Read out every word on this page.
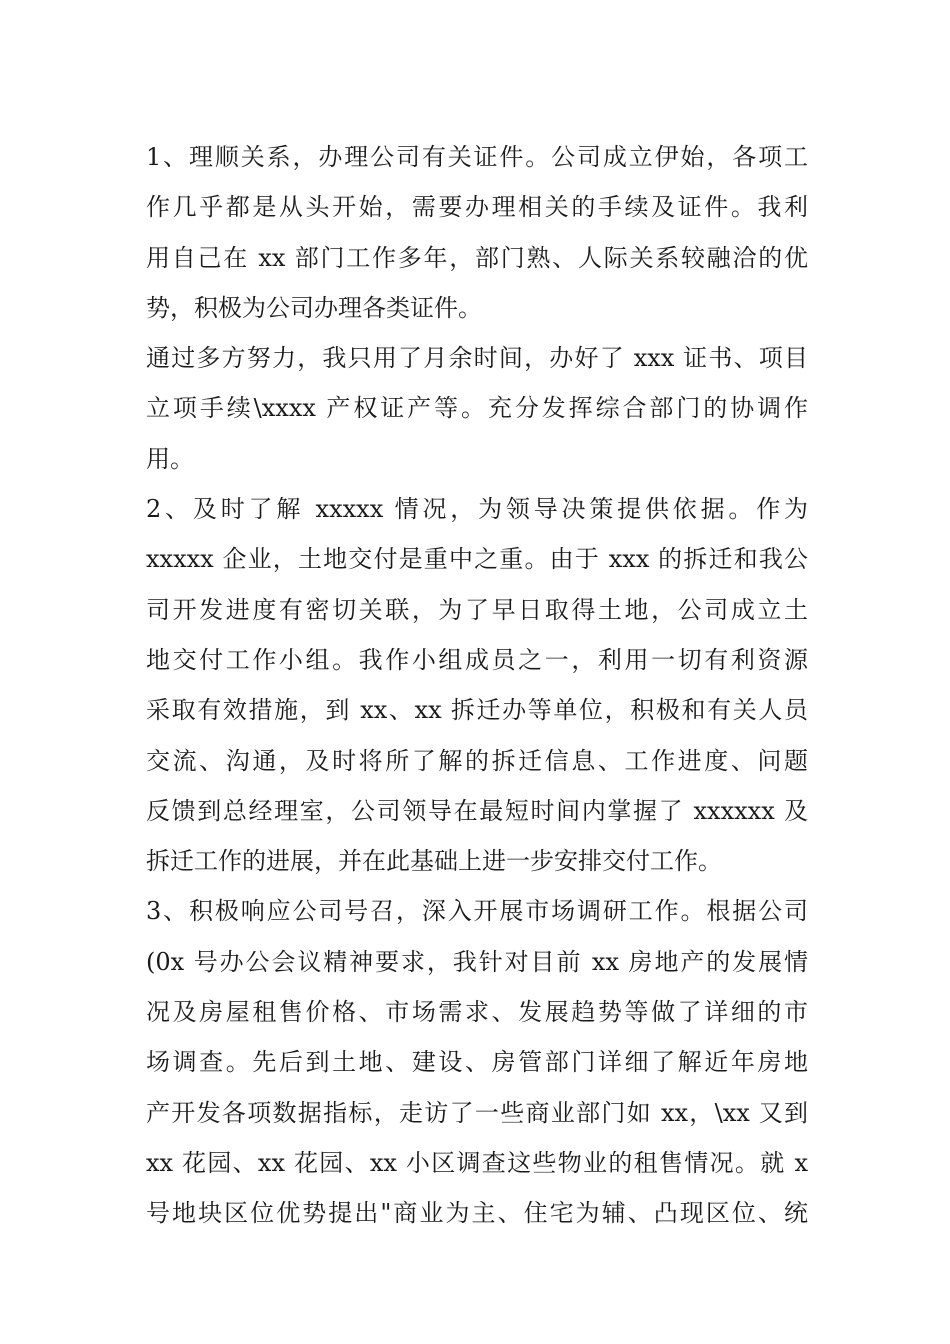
1、理顺关系，办理公司有关证件。公司成立伊始，各项工
作几乎都是从头开始，需要办理相关的手续及证件。我利
用自己在 xx 部门工作多年，部门熟、人际关系较融洽的优
势，积极为公司办理各类证件。
通过多方努力，我只用了月余时间，办好了 xxx 证书、项目
立项手续\xxxx 产权证产等。充分发挥综合部门的协调作
用。
2、及时了解 xxxxx 情况，为领导决策提供依据。作为
xxxxx 企业，土地交付是重中之重。由于 xxx 的拆迁和我公
司开发进度有密切关联，为了早日取得土地，公司成立土
地交付工作小组。我作小组成员之一，利用一切有利资源
采取有效措施，到 xx、xx 拆迁办等单位，积极和有关人员
交流、沟通，及时将所了解的拆迁信息、工作进度、问题
反馈到总经理室，公司领导在最短时间内掌握了 xxxxxx 及
拆迁工作的进展，并在此基础上进一步安排交付工作。
3、积极响应公司号召，深入开展市场调研工作。根据公司
(0x 号办公会议精神要求，我针对目前 xx 房地产的发展情
况及房屋租售价格、市场需求、发展趋势等做了详细的市
场调查。先后到土地、建设、房管部门详细了解近年房地
产开发各项数据指标，走访了一些商业部门如 xx，\xx 又到
xx 花园、xx 花园、xx 小区调查这些物业的租售情况。就 x
号地块区位优势提出"商业为主、住宅为辅、凸现区位、统
